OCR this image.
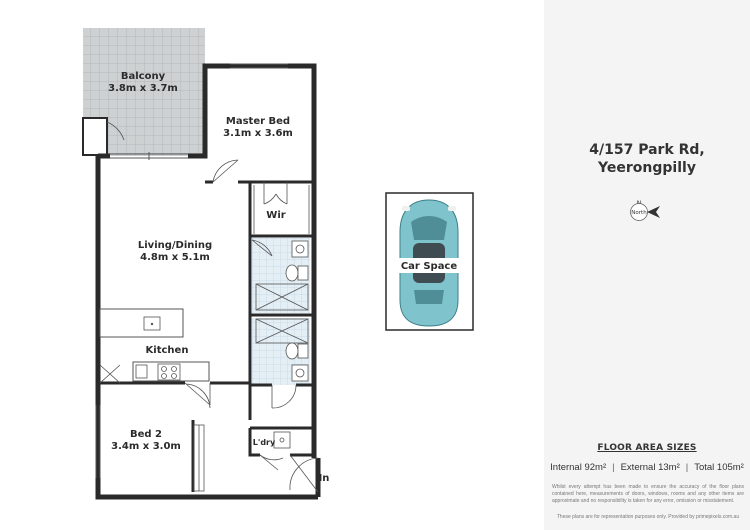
Balcony
3.8m x 3.7m
Master Bed
3.1m x 3.6m
Wir
Living/Dining
4.8m x 5.1m
Kitchen
Bed 2
3.4m x 3.0m	L'dry
In
Car Space
4/157 Park Rd,
Yeerongpilly
North
FLOOR AREA SIZES
Internal 92m² | External 13m² | Total 105m²
Whilst every attempt has been made to ensure the accuracy of the floor plans contained here, measurements of doors, windows, rooms and any other items are approximate and no responsibility is taken for any error, omission or misstatement.
These plans are for representation purposes only. Provided by primepixels.com.au
